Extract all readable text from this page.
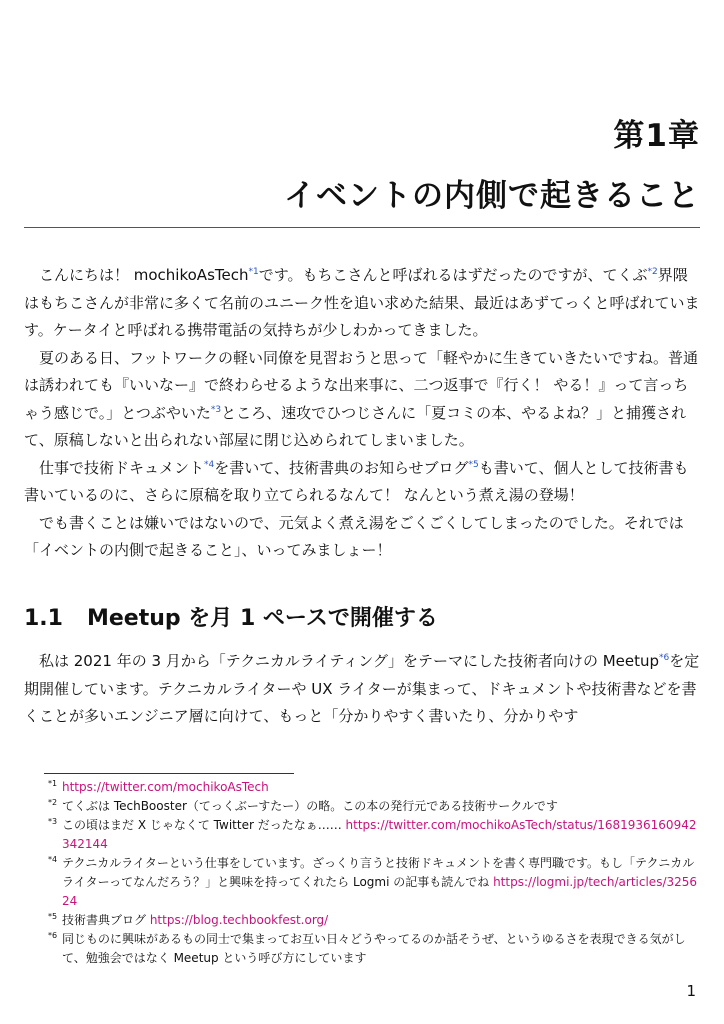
第1章
イベントの内側で起きること

こんにちは！ mochikoAsTech$^{*1}$です。もちこさんと呼ばれるはずだったのですが、てくぶ$^{*2}$界隈はもちこさんが非常に多くて名前のユニーク性を追い求めた結果、最近はあずてっくと呼ばれています。ケータイと呼ばれる携帯電話の気持ちが少しわかってきました。

夏のある日、フットワークの軽い同僚を見習おうと思って「軽やかに生きていきたいですね。普通は誘われても『いいなー』で終わらせるような出来事に、二つ返事で『行く！ やる！』って言っちゃう感じで。」とつぶやいた$^{*3}$ところ、速攻でひつじさんに「夏コミの本、やるよね？」と捕獲されて、原稿しないと出られない部屋に閉じ込められてしまいました。

仕事で技術ドキュメント$^{*4}$を書いて、技術書典のお知らせブログ$^{*5}$も書いて、個人として技術書も書いているのに、さらに原稿を取り立てられるなんて！ なんという煮え湯の登場！

でも書くことは嫌いではないので、元気よく煮え湯をごくごくしてしまったのでした。それでは「イベントの内側で起きること」、いってみましょー！

1.1 Meetup を月 1 ペースで開催する

私は 2021 年の 3 月から「テクニカルライティング」をテーマにした技術者向けの Meetup$^{*6}$を定期開催しています。テクニカルライターや UX ライターが集まって、ドキュメントや技術書などを書くことが多いエンジニア層に向けて、もっと「分かりやすく書いたり、分かりやす

*1 https://twitter.com/mochikoAsTech
*2 てくぶは TechBooster（てっくぶーすたー）の略。この本の発行元である技術サークルです
*3 この頃はまだ X じゃなくて Twitter だったなぁ…… https://twitter.com/mochikoAsTech/status/1681936160942342144
*4 テクニカルライターという仕事をしています。ざっくり言うと技術ドキュメントを書く専門職です。もし「テクニカルライターってなんだろう？」と興味を持ってくれたら Logmi の記事も読んでね https://logmi.jp/tech/articles/325624
*5 技術書典ブログ https://blog.techbookfest.org/
*6 同じものに興味があるもの同士で集まってお互い日々どうやってるのか話そうぜ、というゆるさを表現できる気がして、勉強会ではなく Meetup という呼び方にしています

1
